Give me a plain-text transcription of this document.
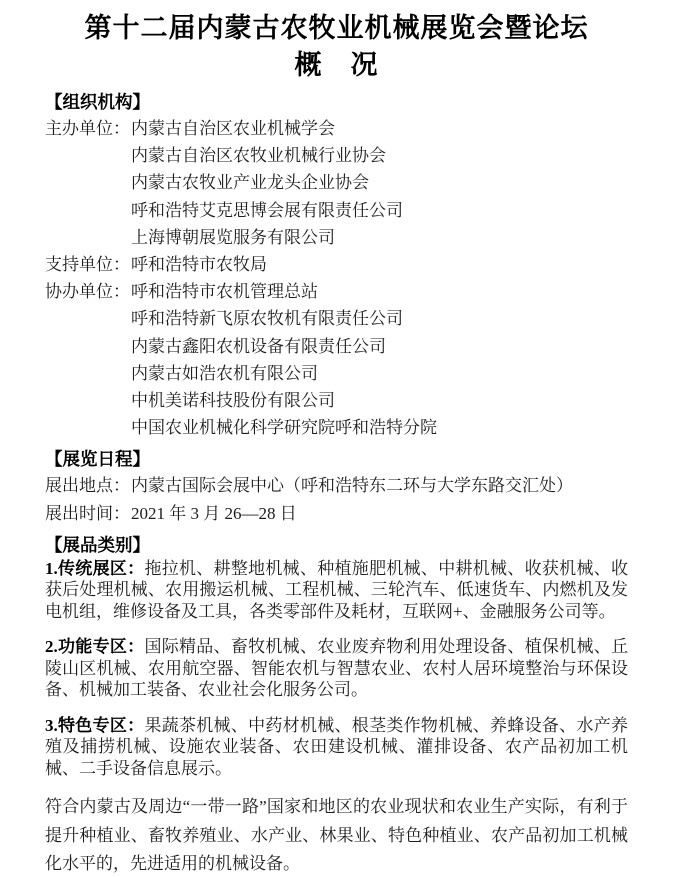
第十二届内蒙古农牧业机械展览会暨论坛
概　况
【组织机构】
主办单位： 内蒙古自治区农业机械学会
内蒙古自治区农牧业机械行业协会
内蒙古农牧业产业龙头企业协会
呼和浩特艾克思博会展有限责任公司
上海博朝展览服务有限公司
支持单位： 呼和浩特市农牧局
协办单位： 呼和浩特市农机管理总站
呼和浩特新飞原农牧机有限责任公司
内蒙古鑫阳农机设备有限责任公司
内蒙古如浩农机有限公司
中机美诺科技股份有限公司
中国农业机械化科学研究院呼和浩特分院
【展览日程】
展出地点： 内蒙古国际会展中心（呼和浩特东二环与大学东路交汇处）
展出时间： 2021 年 3 月 26—28 日
【展品类别】

1.传统展区：拖拉机、耕整地机械、种植施肥机械、中耕机械、收获机械、收获后处理机械、农用搬运机械、工程机械、三轮汽车、低速货车、内燃机及发电机组，维修设备及工具，各类零部件及耗材，互联网+、金融服务公司等。

2.功能专区：国际精品、畜牧机械、农业废弃物利用处理设备、植保机械、丘陵山区机械、农用航空器、智能农机与智慧农业、农村人居环境整治与环保设备、机械加工装备、农业社会化服务公司。

3.特色专区：果蔬茶机械、中药材机械、根茎类作物机械、养蜂设备、水产养殖及捕捞机械、设施农业装备、农田建设机械、灌排设备、农产品初加工机械、二手设备信息展示。

符合内蒙古及周边“一带一路”国家和地区的农业现状和农业生产实际，有利于提升种植业、畜牧养殖业、水产业、林果业、特色种植业、农产品初加工机械化水平的，先进适用的机械设备。
